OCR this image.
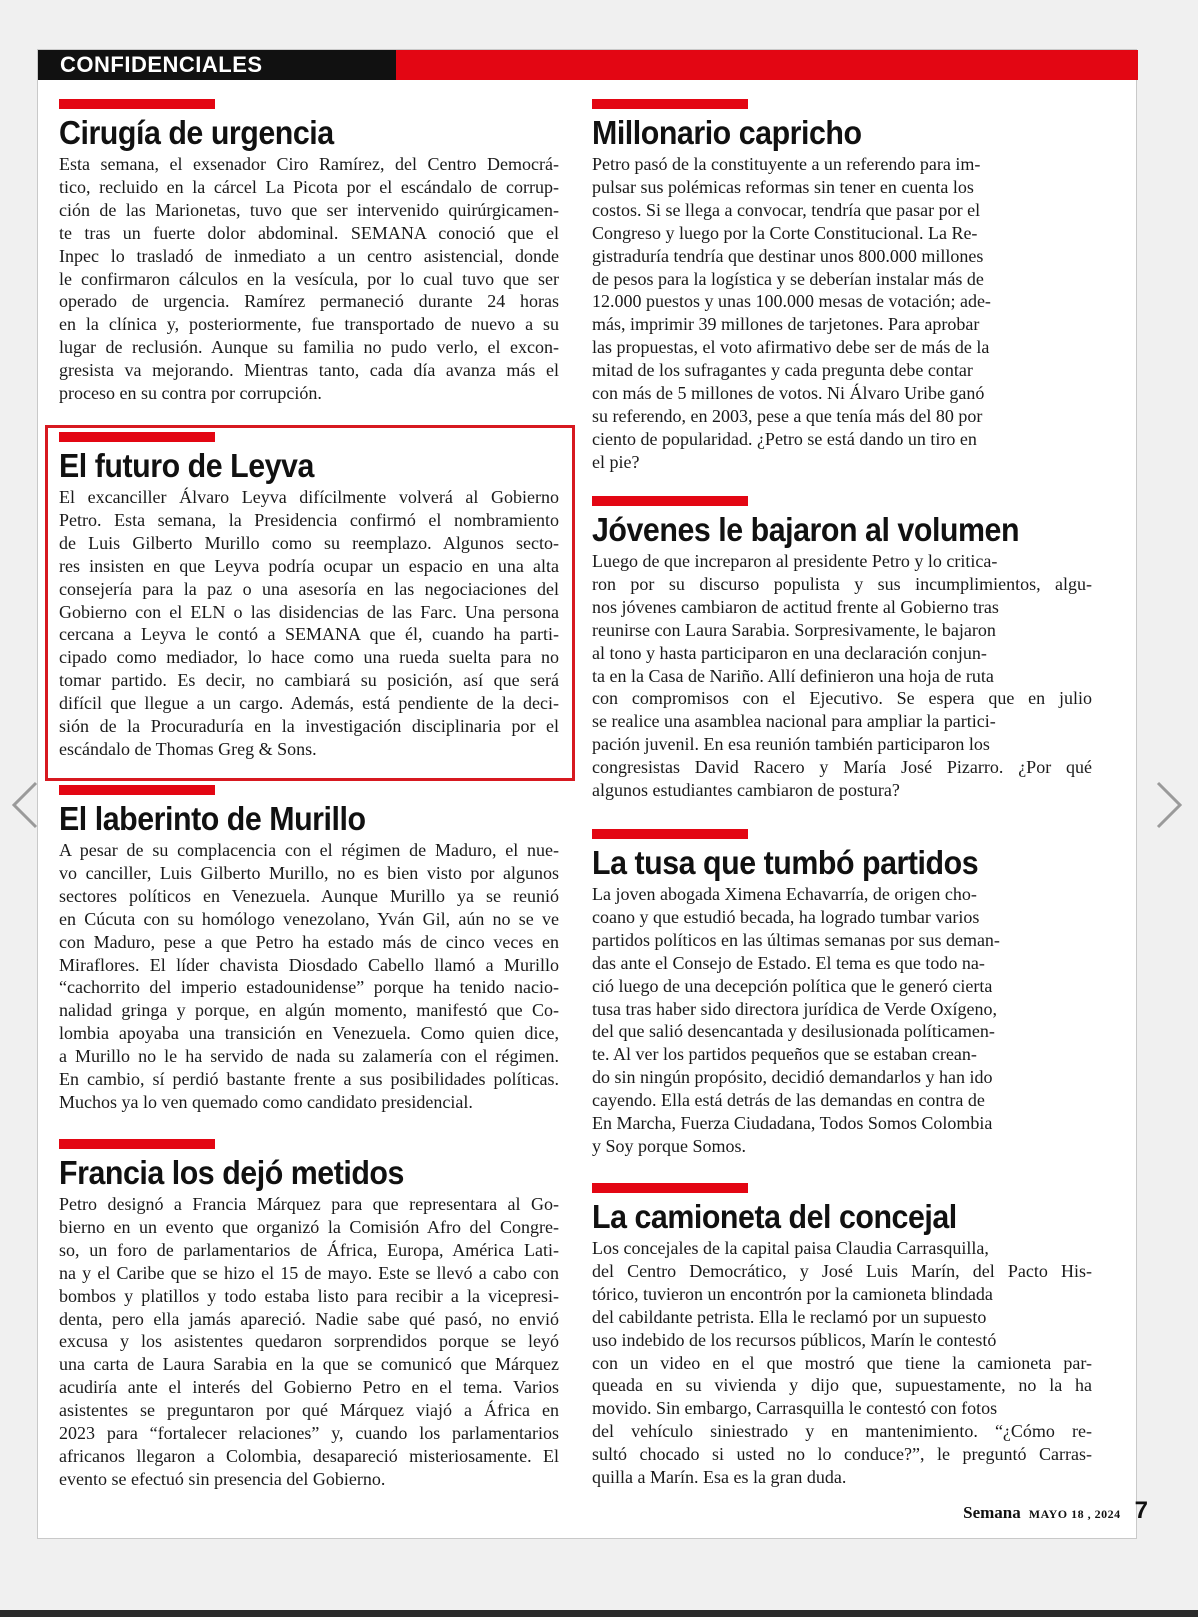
CONFIDENCIALES
Cirugía de urgencia

Esta semana, el exsenador Ciro Ramírez, del Centro Democrá-
tico, recluido en la cárcel La Picota por el escándalo de corrup-
ción de las Marionetas, tuvo que ser intervenido quirúrgicamen-
te tras un fuerte dolor abdominal. SEMANA conoció que el
Inpec lo trasladó de inmediato a un centro asistencial, donde
le confirmaron cálculos en la vesícula, por lo cual tuvo que ser
operado de urgencia. Ramírez permaneció durante 24 horas
en la clínica y, posteriormente, fue transportado de nuevo a su
lugar de reclusión. Aunque su familia no pudo verlo, el excon-
gresista va mejorando. Mientras tanto, cada día avanza más el
proceso en su contra por corrupción.

El futuro de Leyva

El excanciller Álvaro Leyva difícilmente volverá al Gobierno
Petro. Esta semana, la Presidencia confirmó el nombramiento
de Luis Gilberto Murillo como su reemplazo. Algunos secto-
res insisten en que Leyva podría ocupar un espacio en una alta
consejería para la paz o una asesoría en las negociaciones del
Gobierno con el ELN o las disidencias de las Farc. Una persona
cercana a Leyva le contó a SEMANA que él, cuando ha parti-
cipado como mediador, lo hace como una rueda suelta para no
tomar partido. Es decir, no cambiará su posición, así que será
difícil que llegue a un cargo. Además, está pendiente de la deci-
sión de la Procuraduría en la investigación disciplinaria por el
escándalo de Thomas Greg & Sons.

El laberinto de Murillo

A pesar de su complacencia con el régimen de Maduro, el nue-
vo canciller, Luis Gilberto Murillo, no es bien visto por algunos
sectores políticos en Venezuela. Aunque Murillo ya se reunió
en Cúcuta con su homólogo venezolano, Yván Gil, aún no se ve
con Maduro, pese a que Petro ha estado más de cinco veces en
Miraflores. El líder chavista Diosdado Cabello llamó a Murillo
“cachorrito del imperio estadounidense” porque ha tenido nacio-
nalidad gringa y porque, en algún momento, manifestó que Co-
lombia apoyaba una transición en Venezuela. Como quien dice,
a Murillo no le ha servido de nada su zalamería con el régimen.
En cambio, sí perdió bastante frente a sus posibilidades políticas.
Muchos ya lo ven quemado como candidato presidencial.

Francia los dejó metidos

Petro designó a Francia Márquez para que representara al Go-
bierno en un evento que organizó la Comisión Afro del Congre-
so, un foro de parlamentarios de África, Europa, América Lati-
na y el Caribe que se hizo el 15 de mayo. Este se llevó a cabo con
bombos y platillos y todo estaba listo para recibir a la vicepresi-
denta, pero ella jamás apareció. Nadie sabe qué pasó, no envió
excusa y los asistentes quedaron sorprendidos porque se leyó
una carta de Laura Sarabia en la que se comunicó que Márquez
acudiría ante el interés del Gobierno Petro en el tema. Varios
asistentes se preguntaron por qué Márquez viajó a África en
2023 para “fortalecer relaciones” y, cuando los parlamentarios
africanos llegaron a Colombia, desapareció misteriosamente. El
evento se efectuó sin presencia del Gobierno.

Millonario capricho

Petro pasó de la constituyente a un referendo para im-
pulsar sus polémicas reformas sin tener en cuenta los
costos. Si se llega a convocar, tendría que pasar por el
Congreso y luego por la Corte Constitucional. La Re-
gistraduría tendría que destinar unos 800.000 millones
de pesos para la logística y se deberían instalar más de
12.000 puestos y unas 100.000 mesas de votación; ade-
más, imprimir 39 millones de tarjetones. Para aprobar
las propuestas, el voto afirmativo debe ser de más de la
mitad de los sufragantes y cada pregunta debe contar
con más de 5 millones de votos. Ni Álvaro Uribe ganó
su referendo, en 2003, pese a que tenía más del 80 por
ciento de popularidad. ¿Petro se está dando un tiro en
el pie?

Jóvenes le bajaron al volumen

Luego de que increparon al presidente Petro y lo critica-
ron por su discurso populista y sus incumplimientos, algu-
nos jóvenes cambiaron de actitud frente al Gobierno tras
reunirse con Laura Sarabia. Sorpresivamente, le bajaron
al tono y hasta participaron en una declaración conjun-
ta en la Casa de Nariño. Allí definieron una hoja de ruta
con compromisos con el Ejecutivo. Se espera que en julio
se realice una asamblea nacional para ampliar la partici-
pación juvenil. En esa reunión también participaron los
congresistas David Racero y María José Pizarro. ¿Por qué
algunos estudiantes cambiaron de postura?

La tusa que tumbó partidos

La joven abogada Ximena Echavarría, de origen cho-
coano y que estudió becada, ha logrado tumbar varios
partidos políticos en las últimas semanas por sus deman-
das ante el Consejo de Estado. El tema es que todo na-
ció luego de una decepción política que le generó cierta
tusa tras haber sido directora jurídica de Verde Oxígeno,
del que salió desencantada y desilusionada políticamen-
te. Al ver los partidos pequeños que se estaban crean-
do sin ningún propósito, decidió demandarlos y han ido
cayendo. Ella está detrás de las demandas en contra de
En Marcha, Fuerza Ciudadana, Todos Somos Colombia
y Soy porque Somos.

La camioneta del concejal

Los concejales de la capital paisa Claudia Carrasquilla,
del Centro Democrático, y José Luis Marín, del Pacto His-
tórico, tuvieron un encontrón por la camioneta blindada
del cabildante petrista. Ella le reclamó por un supuesto
uso indebido de los recursos públicos, Marín le contestó
con un video en el que mostró que tiene la camioneta par-
queada en su vivienda y dijo que, supuestamente, no la ha
movido. Sin embargo, Carrasquilla le contestó con fotos
del vehículo siniestrado y en mantenimiento. “¿Cómo re-
sultó chocado si usted no lo conduce?”, le preguntó Carras-
quilla a Marín. Esa es la gran duda.

Semana MAYO 18 , 2024 7
